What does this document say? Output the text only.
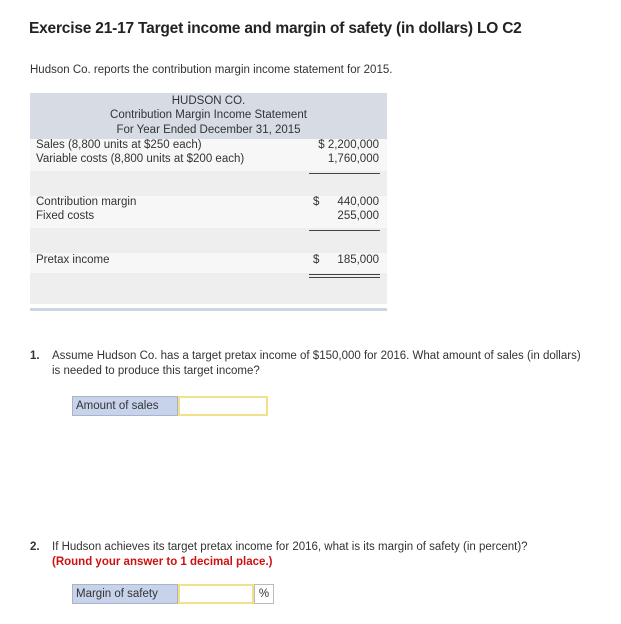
Exercise 21-17 Target income and margin of safety (in dollars) LO C2
Hudson Co. reports the contribution margin income statement for 2015.
HUDSON CO.
Contribution Margin Income Statement
For Year Ended December 31, 2015
Sales (8,800 units at $250 each)	$ 2,200,000
Variable costs (8,800 units at $200 each)	1,760,000
Contribution margin	$ 440,000
Fixed costs	255,000
Pretax income	$ 185,000
1. Assume Hudson Co. has a target pretax income of $150,000 for 2016. What amount of sales (in dollars) is needed to produce this target income?
Amount of sales
2. If Hudson achieves its target pretax income for 2016, what is its margin of safety (in percent)?
(Round your answer to 1 decimal place.)
Margin of safety	%
